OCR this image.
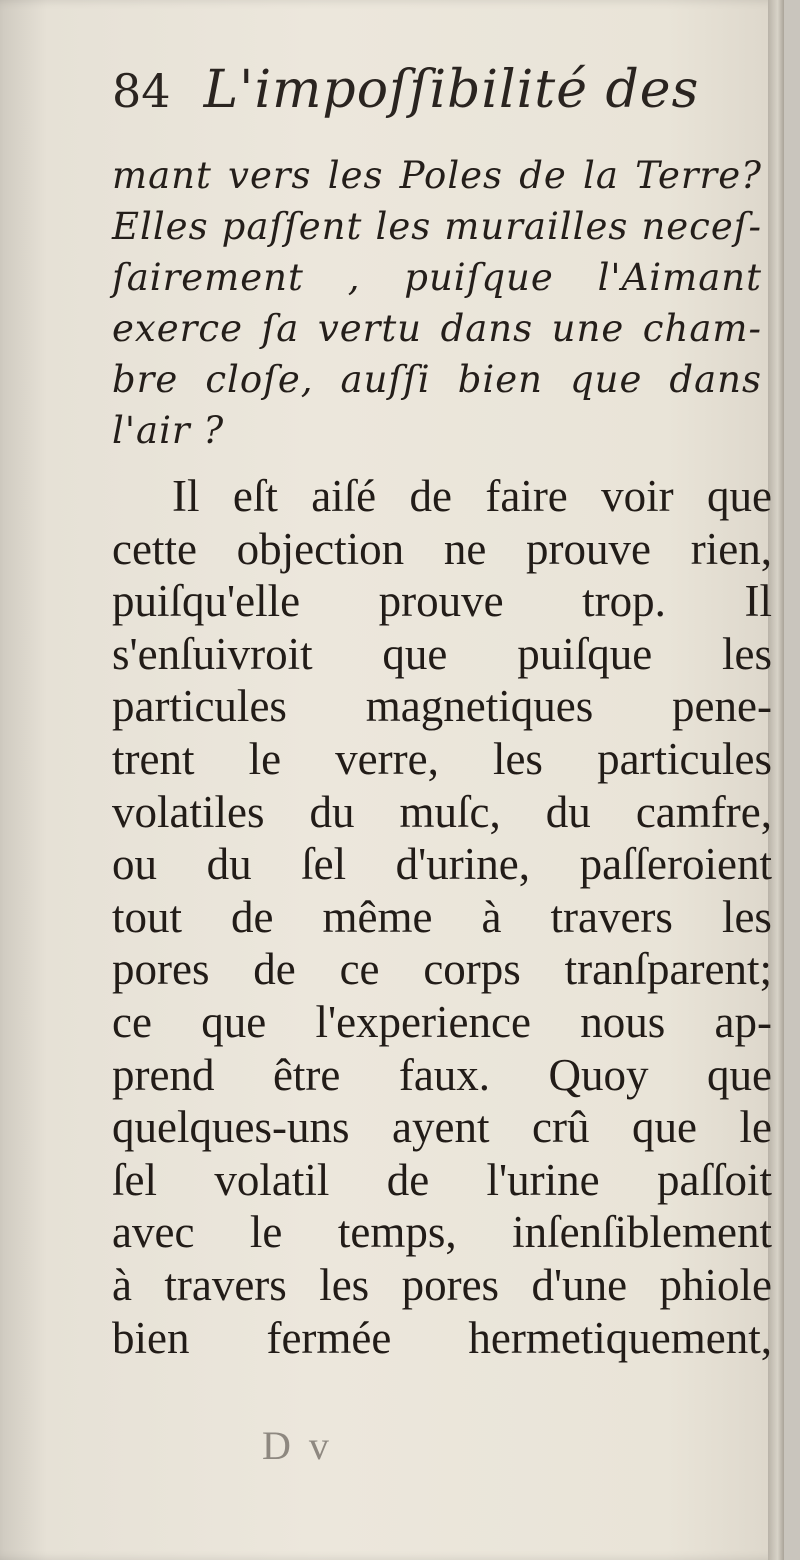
84 L'impoſſibilité des
mant vers les Poles de la Terre?
Elles paſſent les murailles neceſ-
ſairement , puiſque l'Aimant
exerce ſa vertu dans une cham-
bre cloſe, auſſi bien que dans
l'air ?
Il eſt aiſé de faire voir que
cette objection ne prouve rien,
puiſqu'elle prouve trop. Il
s'enſuivroit que puiſque les
particules magnetiques pene-
trent le verre, les particules
volatiles du muſc, du camfre,
ou du ſel d'urine, paſſeroient
tout de même à travers les
pores de ce corps tranſparent;
ce que l'experience nous ap-
prend être faux. Quoy que
quelques-uns ayent crû que le
ſel volatil de l'urine paſſoit
avec le temps, inſenſiblement
à travers les pores d'une phiole
bien fermée hermetiquement,
D v
